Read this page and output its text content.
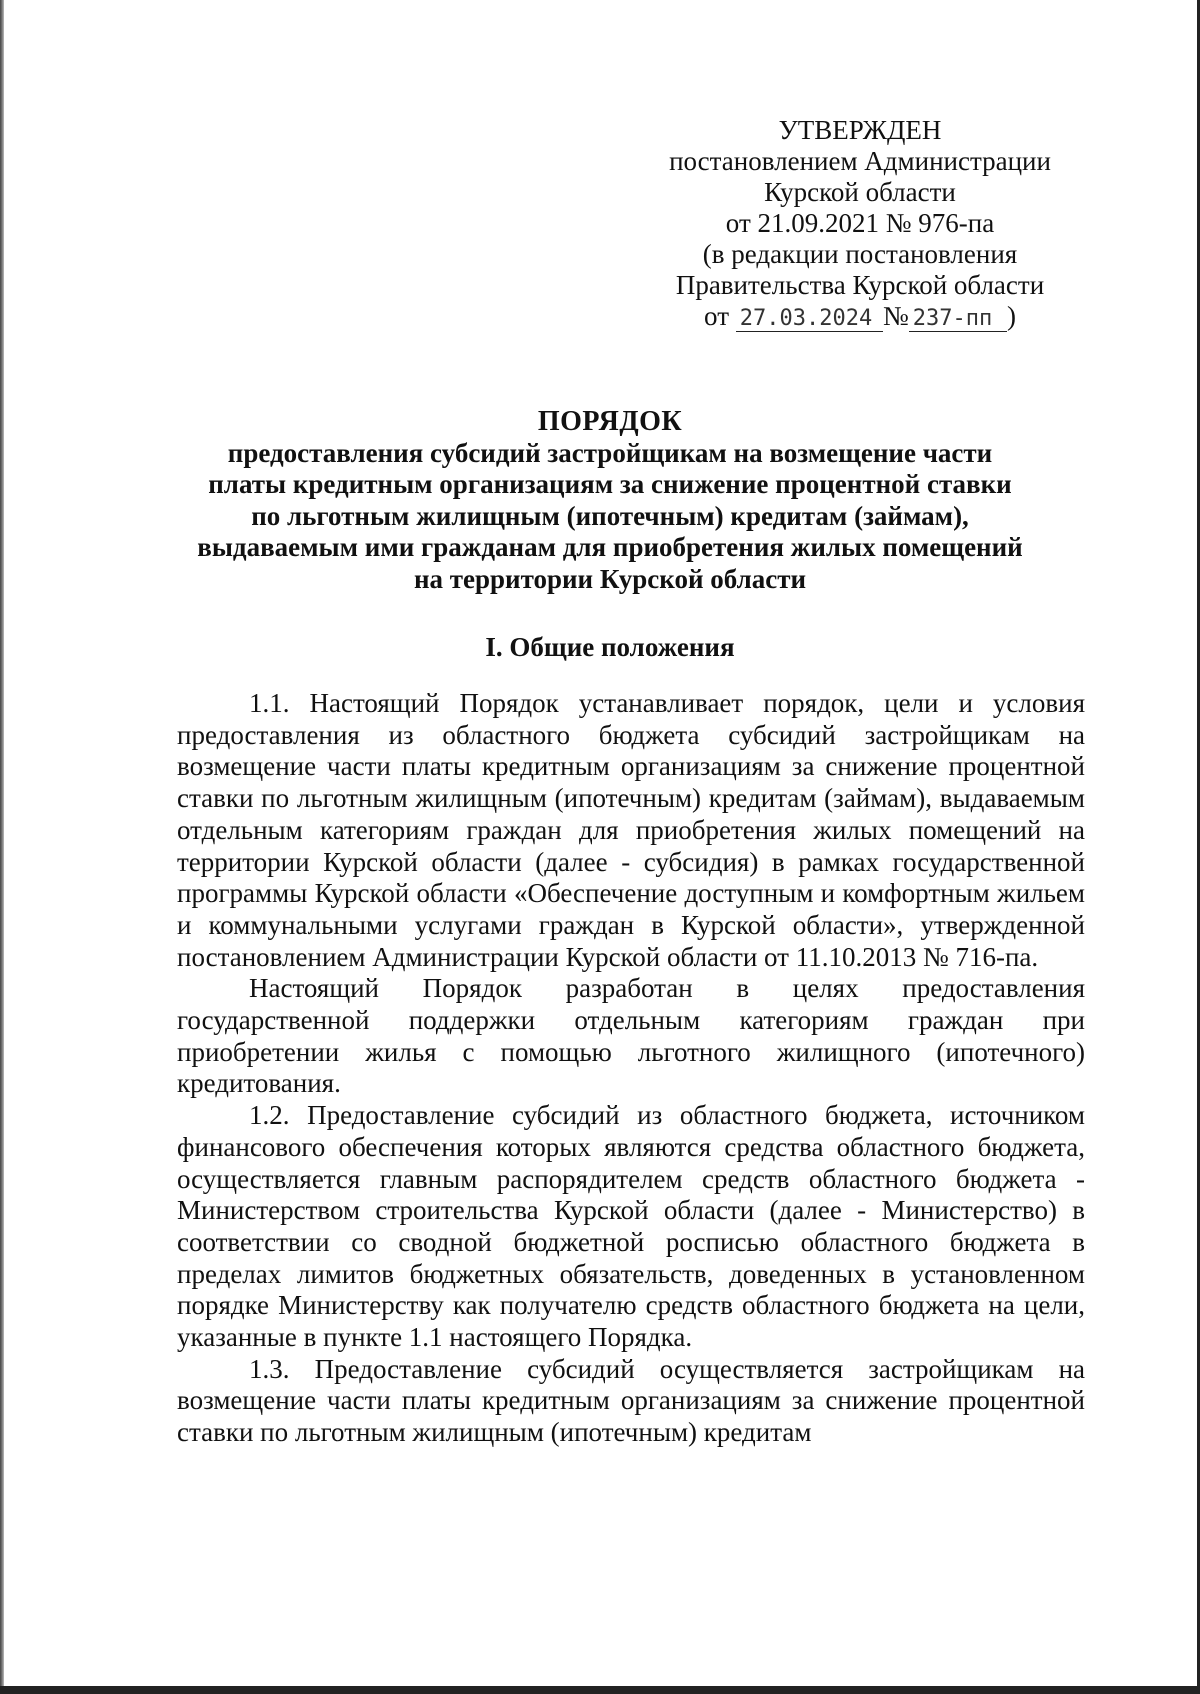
УТВЕРЖДЕН
постановлением Администрации
Курской области
от 21.09.2021 № 976-па
(в редакции постановления
Правительства Курской области
от 27.03.2024 № 237-пп )
ПОРЯДОК
предоставления субсидий застройщикам на возмещение части
платы кредитным организациям за снижение процентной ставки
по льготным жилищным (ипотечным) кредитам (займам),
выдаваемым ими гражданам для приобретения жилых помещений
на территории Курской области
I. Общие положения

1.1. Настоящий Порядок устанавливает порядок, цели и условия предоставления из областного бюджета субсидий застройщикам на возмещение части платы кредитным организациям за снижение процентной ставки по льготным жилищным (ипотечным) кредитам (займам), выдаваемым отдельным категориям граждан для приобретения жилых помещений на территории Курской области (далее - субсидия) в рамках государственной программы Курской области «Обеспечение доступным и комфортным жильем и коммунальными услугами граждан в Курской области», утвержденной постановлением Администрации Курской области от 11.10.2013 № 716-па.

Настоящий Порядок разработан в целях предоставления государственной поддержки отдельным категориям граждан при приобретении жилья с помощью льготного жилищного (ипотечного) кредитования.

1.2. Предоставление субсидий из областного бюджета, источником финансового обеспечения которых являются средства областного бюджета, осуществляется главным распорядителем средств областного бюджета - Министерством строительства Курской области (далее - Министерство) в соответствии со сводной бюджетной росписью областного бюджета в пределах лимитов бюджетных обязательств, доведенных в установленном порядке Министерству как получателю средств областного бюджета на цели, указанные в пункте 1.1 настоящего Порядка.

1.3. Предоставление субсидий осуществляется застройщикам на возмещение части платы кредитным организациям за снижение процентной ставки по льготным жилищным (ипотечным) кредитам
